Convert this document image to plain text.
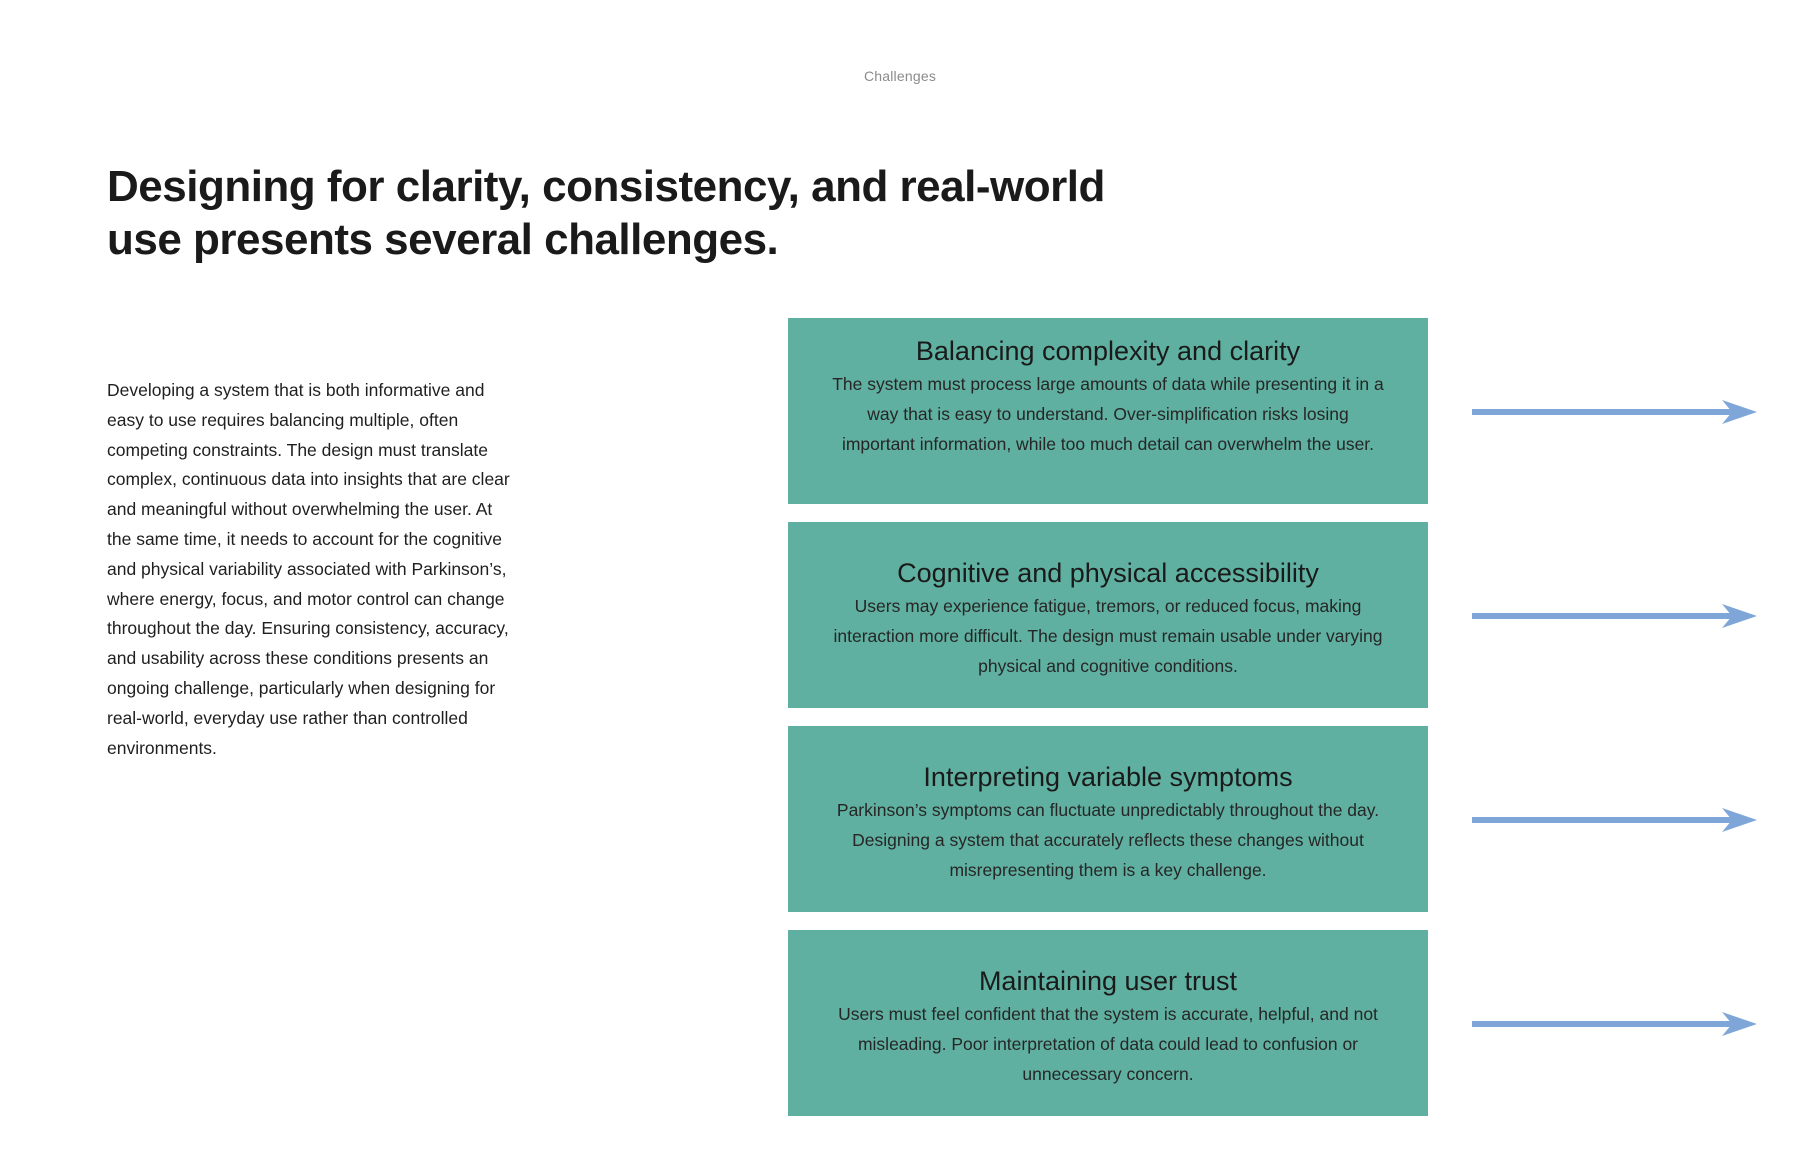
Challenges
Designing for clarity, consistency, and real-world
use presents several challenges.

Developing a system that is both informative and easy to use requires balancing multiple, often competing constraints. The design must translate complex, continuous data into insights that are clear and meaningful without overwhelming the user. At the same time, it needs to account for the cognitive and physical variability associated with Parkinson’s, where energy, focus, and motor control can change throughout the day. Ensuring consistency, accuracy, and usability across these conditions presents an ongoing challenge, particularly when designing for real-world, everyday use rather than controlled environments.

Balancing complexity and clarity

The system must process large amounts of data while presenting it in a way that is easy to understand. Over-simplification risks losing important information, while too much detail can overwhelm the user.

Cognitive and physical accessibility

Users may experience fatigue, tremors, or reduced focus, making interaction more difficult. The design must remain usable under varying physical and cognitive conditions.

Interpreting variable symptoms

Parkinson’s symptoms can fluctuate unpredictably throughout the day. Designing a system that accurately reflects these changes without misrepresenting them is a key challenge.

Maintaining user trust

Users must feel confident that the system is accurate, helpful, and not misleading. Poor interpretation of data could lead to confusion or unnecessary concern.
